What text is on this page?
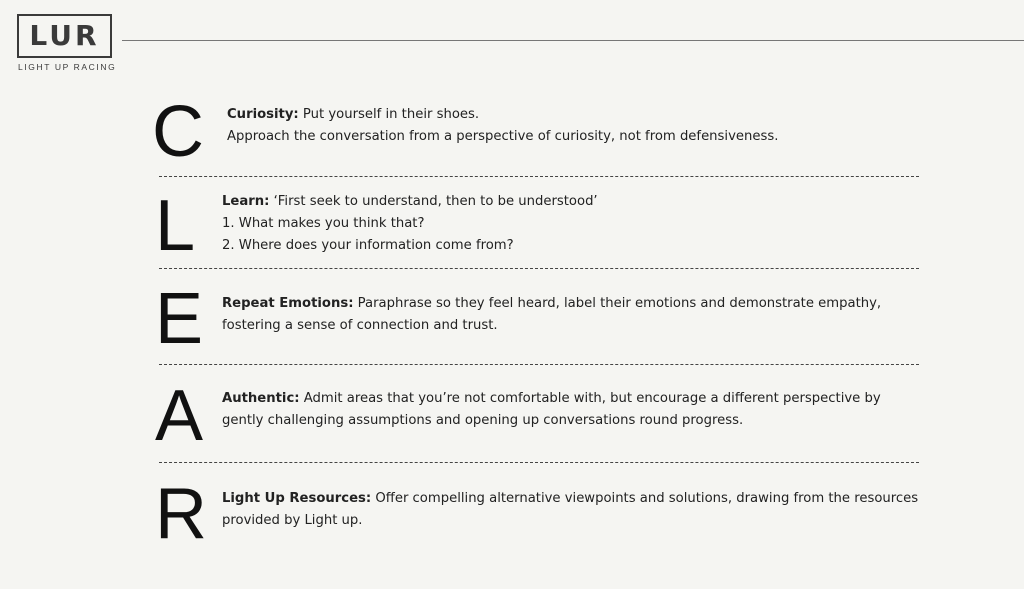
LUR
LIGHT UP RACING
C Curiosity: Put yourself in their shoes.
Approach the conversation from a perspective of curiosity, not from defensiveness.
L Learn: ‘First seek to understand, then to be understood’
1. What makes you think that?
2. Where does your information come from?
E Repeat Emotions: Paraphrase so they feel heard, label their emotions and demonstrate empathy,
fostering a sense of connection and trust.
A Authentic: Admit areas that you’re not comfortable with, but encourage a different perspective by
gently challenging assumptions and opening up conversations round progress.
R Light Up Resources: Offer compelling alternative viewpoints and solutions, drawing from the resources
provided by Light up.
